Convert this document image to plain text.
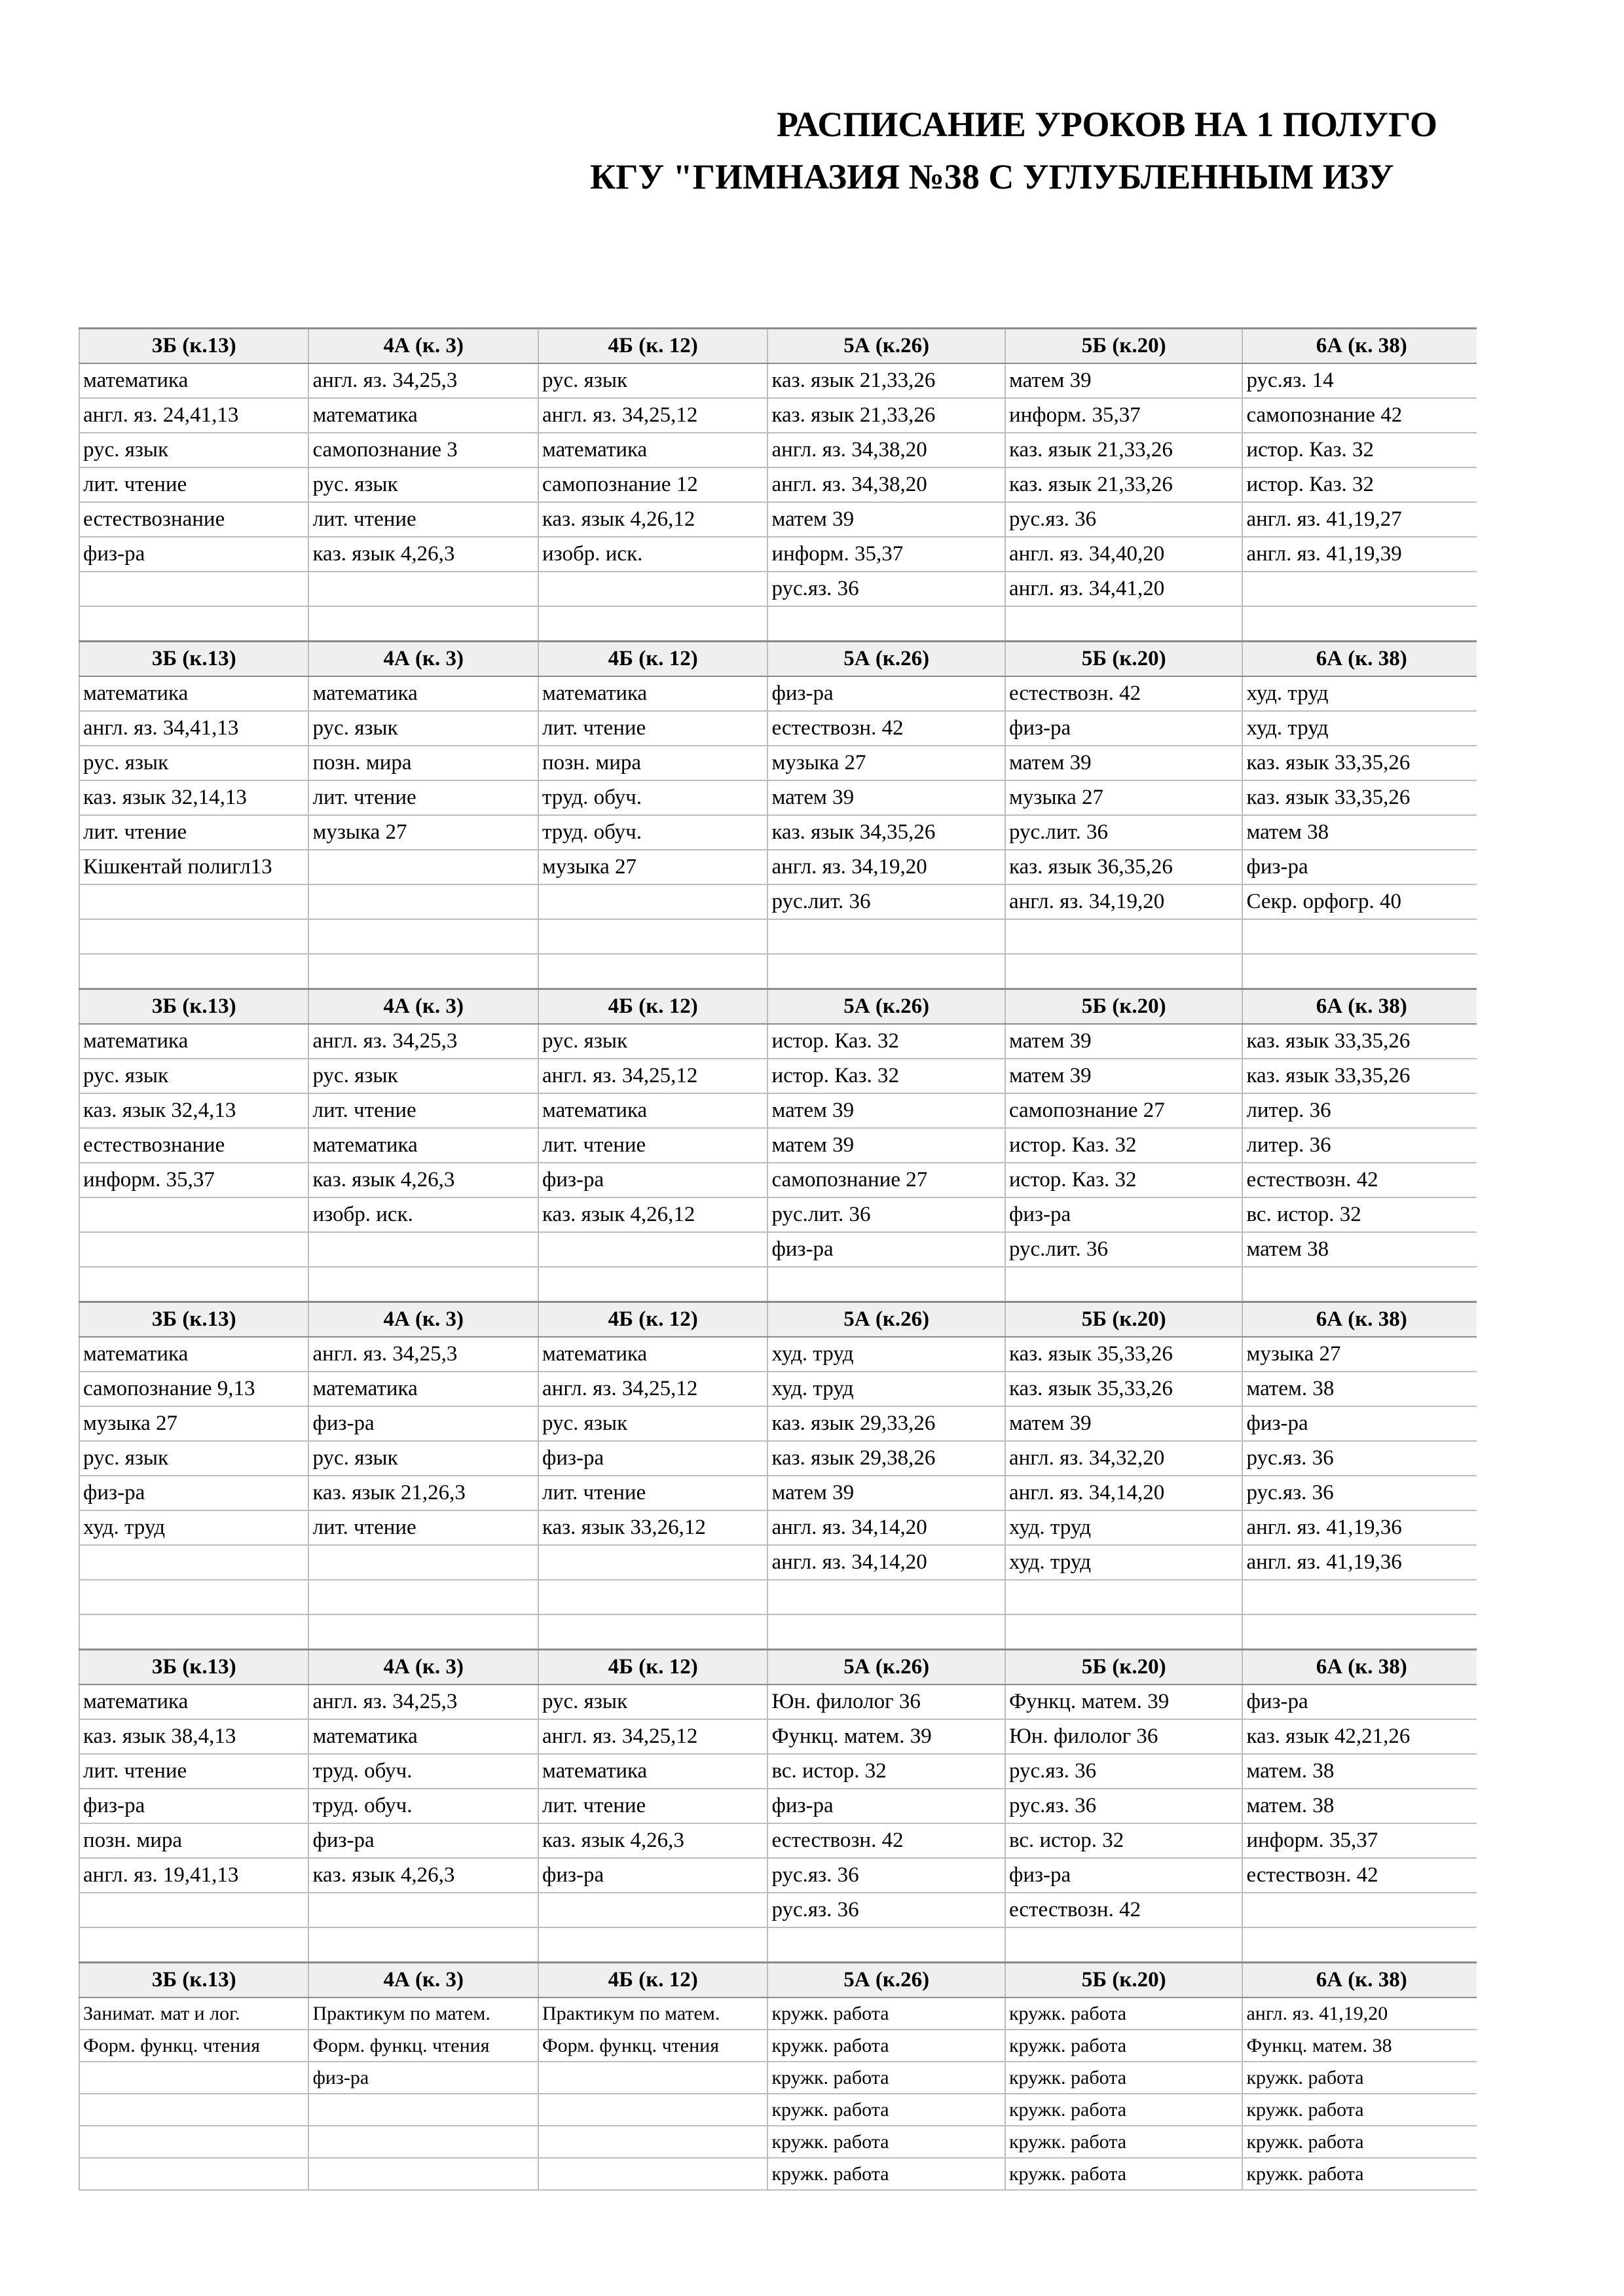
РАСПИСАНИЕ УРОКОВ НА 1 ПОЛУГО
КГУ "ГИМНАЗИЯ №38 С УГЛУБЛЕННЫМ ИЗУ
3Б (к.13)	4А (к. 3)	4Б (к. 12)	5А (к.26)	5Б (к.20)	6А (к. 38)
математика	англ. яз. 34,25,3	рус. язык	каз. язык 21,33,26	матем 39	рус.яз. 14
англ. яз. 24,41,13	математика	англ. яз. 34,25,12	каз. язык 21,33,26	информ. 35,37	самопознание 42
рус. язык	самопознание 3	математика	англ. яз. 34,38,20	каз. язык 21,33,26	истор. Каз. 32
лит. чтение	рус. язык	самопознание 12	англ. яз. 34,38,20	каз. язык 21,33,26	истор. Каз. 32
естествознание	лит. чтение	каз. язык 4,26,12	матем 39	рус.яз. 36	англ. яз. 41,19,27
физ-ра	каз. язык 4,26,3	изобр. иск.	информ. 35,37	англ. яз. 34,40,20	англ. яз. 41,19,39
			рус.яз. 36	англ. яз. 34,41,20	

3Б (к.13)	4А (к. 3)	4Б (к. 12)	5А (к.26)	5Б (к.20)	6А (к. 38)
математика	математика	математика	физ-ра	естествозн. 42	худ. труд
англ. яз. 34,41,13	рус. язык	лит. чтение	естествозн. 42	физ-ра	худ. труд
рус. язык	позн. мира	позн. мира	музыка 27	матем 39	каз. язык 33,35,26
каз. язык 32,14,13	лит. чтение	труд. обуч.	матем 39	музыка 27	каз. язык 33,35,26
лит. чтение	музыка 27	труд. обуч.	каз. язык 34,35,26	рус.лит. 36	матем 38
Кішкентай полигл13		музыка 27	англ. яз. 34,19,20	каз. язык 36,35,26	физ-ра
			рус.лит. 36	англ. яз. 34,19,20	Секр. орфогр. 40

3Б (к.13)	4А (к. 3)	4Б (к. 12)	5А (к.26)	5Б (к.20)	6А (к. 38)
математика	англ. яз. 34,25,3	рус. язык	истор. Каз. 32	матем 39	каз. язык 33,35,26
рус. язык	рус. язык	англ. яз. 34,25,12	истор. Каз. 32	матем 39	каз. язык 33,35,26
каз. язык 32,4,13	лит. чтение	математика	матем 39	самопознание 27	литер. 36
естествознание	математика	лит. чтение	матем 39	истор. Каз. 32	литер. 36
информ. 35,37	каз. язык 4,26,3	физ-ра	самопознание 27	истор. Каз. 32	естествозн. 42
	изобр. иск.	каз. язык 4,26,12	рус.лит. 36	физ-ра	вс. истор. 32
			физ-ра	рус.лит. 36	матем 38

3Б (к.13)	4А (к. 3)	4Б (к. 12)	5А (к.26)	5Б (к.20)	6А (к. 38)
математика	англ. яз. 34,25,3	математика	худ. труд	каз. язык 35,33,26	музыка 27
самопознание 9,13	математика	англ. яз. 34,25,12	худ. труд	каз. язык 35,33,26	матем. 38
музыка 27	физ-ра	рус. язык	каз. язык 29,33,26	матем 39	физ-ра
рус. язык	рус. язык	физ-ра	каз. язык 29,38,26	англ. яз. 34,32,20	рус.яз. 36
физ-ра	каз. язык 21,26,3	лит. чтение	матем 39	англ. яз. 34,14,20	рус.яз. 36
худ. труд	лит. чтение	каз. язык 33,26,12	англ. яз. 34,14,20	худ. труд	англ. яз. 41,19,36
			англ. яз. 34,14,20	худ. труд	англ. яз. 41,19,36

3Б (к.13)	4А (к. 3)	4Б (к. 12)	5А (к.26)	5Б (к.20)	6А (к. 38)
математика	англ. яз. 34,25,3	рус. язык	Юн. филолог 36	Функц. матем. 39	физ-ра
каз. язык 38,4,13	математика	англ. яз. 34,25,12	Функц. матем. 39	Юн. филолог 36	каз. язык 42,21,26
лит. чтение	труд. обуч.	математика	вс. истор. 32	рус.яз. 36	матем. 38
физ-ра	труд. обуч.	лит. чтение	физ-ра	рус.яз. 36	матем. 38
позн. мира	физ-ра	каз. язык 4,26,3	естествозн. 42	вс. истор. 32	информ. 35,37
англ. яз. 19,41,13	каз. язык 4,26,3	физ-ра	рус.яз. 36	физ-ра	естествозн. 42
			рус.яз. 36	естествозн. 42	

3Б (к.13)	4А (к. 3)	4Б (к. 12)	5А (к.26)	5Б (к.20)	6А (к. 38)
Занимат. мат и лог.	Практикум по матем.	Практикум по матем.	кружк. работа	кружк. работа	англ. яз. 41,19,20
Форм. функц. чтения	Форм. функц. чтения	Форм. функц. чтения	кружк. работа	кружк. работа	Функц. матем. 38
	физ-ра		кружк. работа	кружк. работа	кружк. работа
			кружк. работа	кружк. работа	кружк. работа
			кружк. работа	кружк. работа	кружк. работа
			кружк. работа	кружк. работа	кружк. работа
